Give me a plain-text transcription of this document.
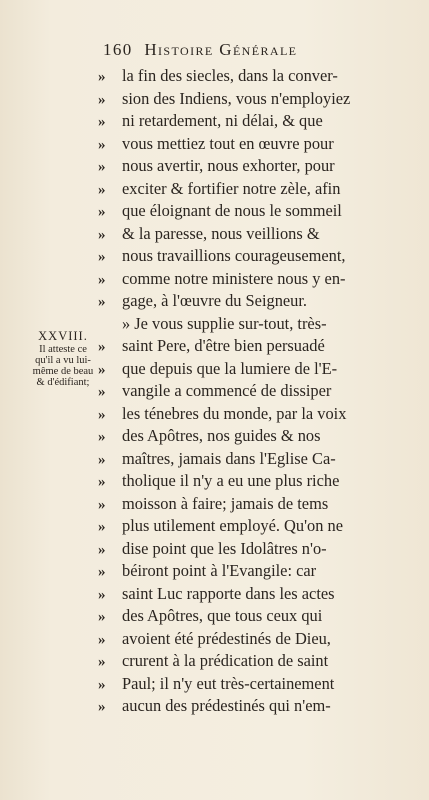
160 Histoire Générale
XXVIII.
Il atteste ce
qu'il a vu lui-
même de beau
& d'édifiant;
» la fin des siecles, dans la conver-
» sion des Indiens, vous n'employiez
» ni retardement, ni délai, & que
» vous mettiez tout en œuvre pour
» nous avertir, nous exhorter, pour
» exciter & fortifier notre zèle, afin
» que éloignant de nous le sommeil
» & la paresse, nous veillions &
» nous travaillions courageusement,
» comme notre ministere nous y en-
» gage, à l'œuvre du Seigneur.
» Je vous supplie sur-tout, très-
» saint Pere, d'être bien persuadé
» que depuis que la lumiere de l'E-
» vangile a commencé de dissiper
» les ténebres du monde, par la voix
» des Apôtres, nos guides & nos
» maîtres, jamais dans l'Eglise Ca-
» tholique il n'y a eu une plus riche
» moisson à faire; jamais de tems
» plus utilement employé. Qu'on ne
» dise point que les Idolâtres n'o-
» béiront point à l'Evangile: car
» saint Luc rapporte dans les actes
» des Apôtres, que tous ceux qui
» avoient été prédestinés de Dieu,
» crurent à la prédication de saint
» Paul; il n'y eut très-certainement
» aucun des prédestinés qui n'em-
